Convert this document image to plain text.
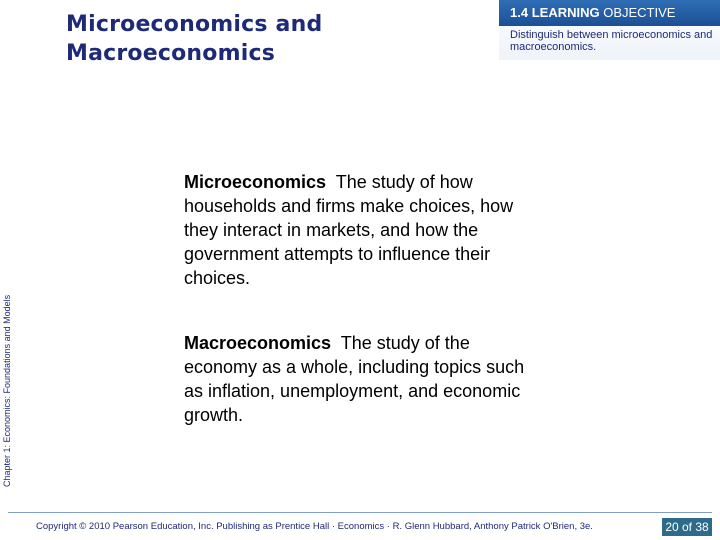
Microeconomics and
Macroeconomics
1.4 LEARNING OBJECTIVE
Distinguish between microeconomics and macroeconomics.
Chapter 1: Economics: Foundations and Models
Microeconomics The study of how households and firms make choices, how they interact in markets, and how the government attempts to influence their choices.
Macroeconomics The study of the economy as a whole, including topics such as inflation, unemployment, and economic growth.
Copyright © 2010 Pearson Education, Inc. Publishing as Prentice Hall · Economics · R. Glenn Hubbard, Anthony Patrick O'Brien, 3e.	20 of 38
